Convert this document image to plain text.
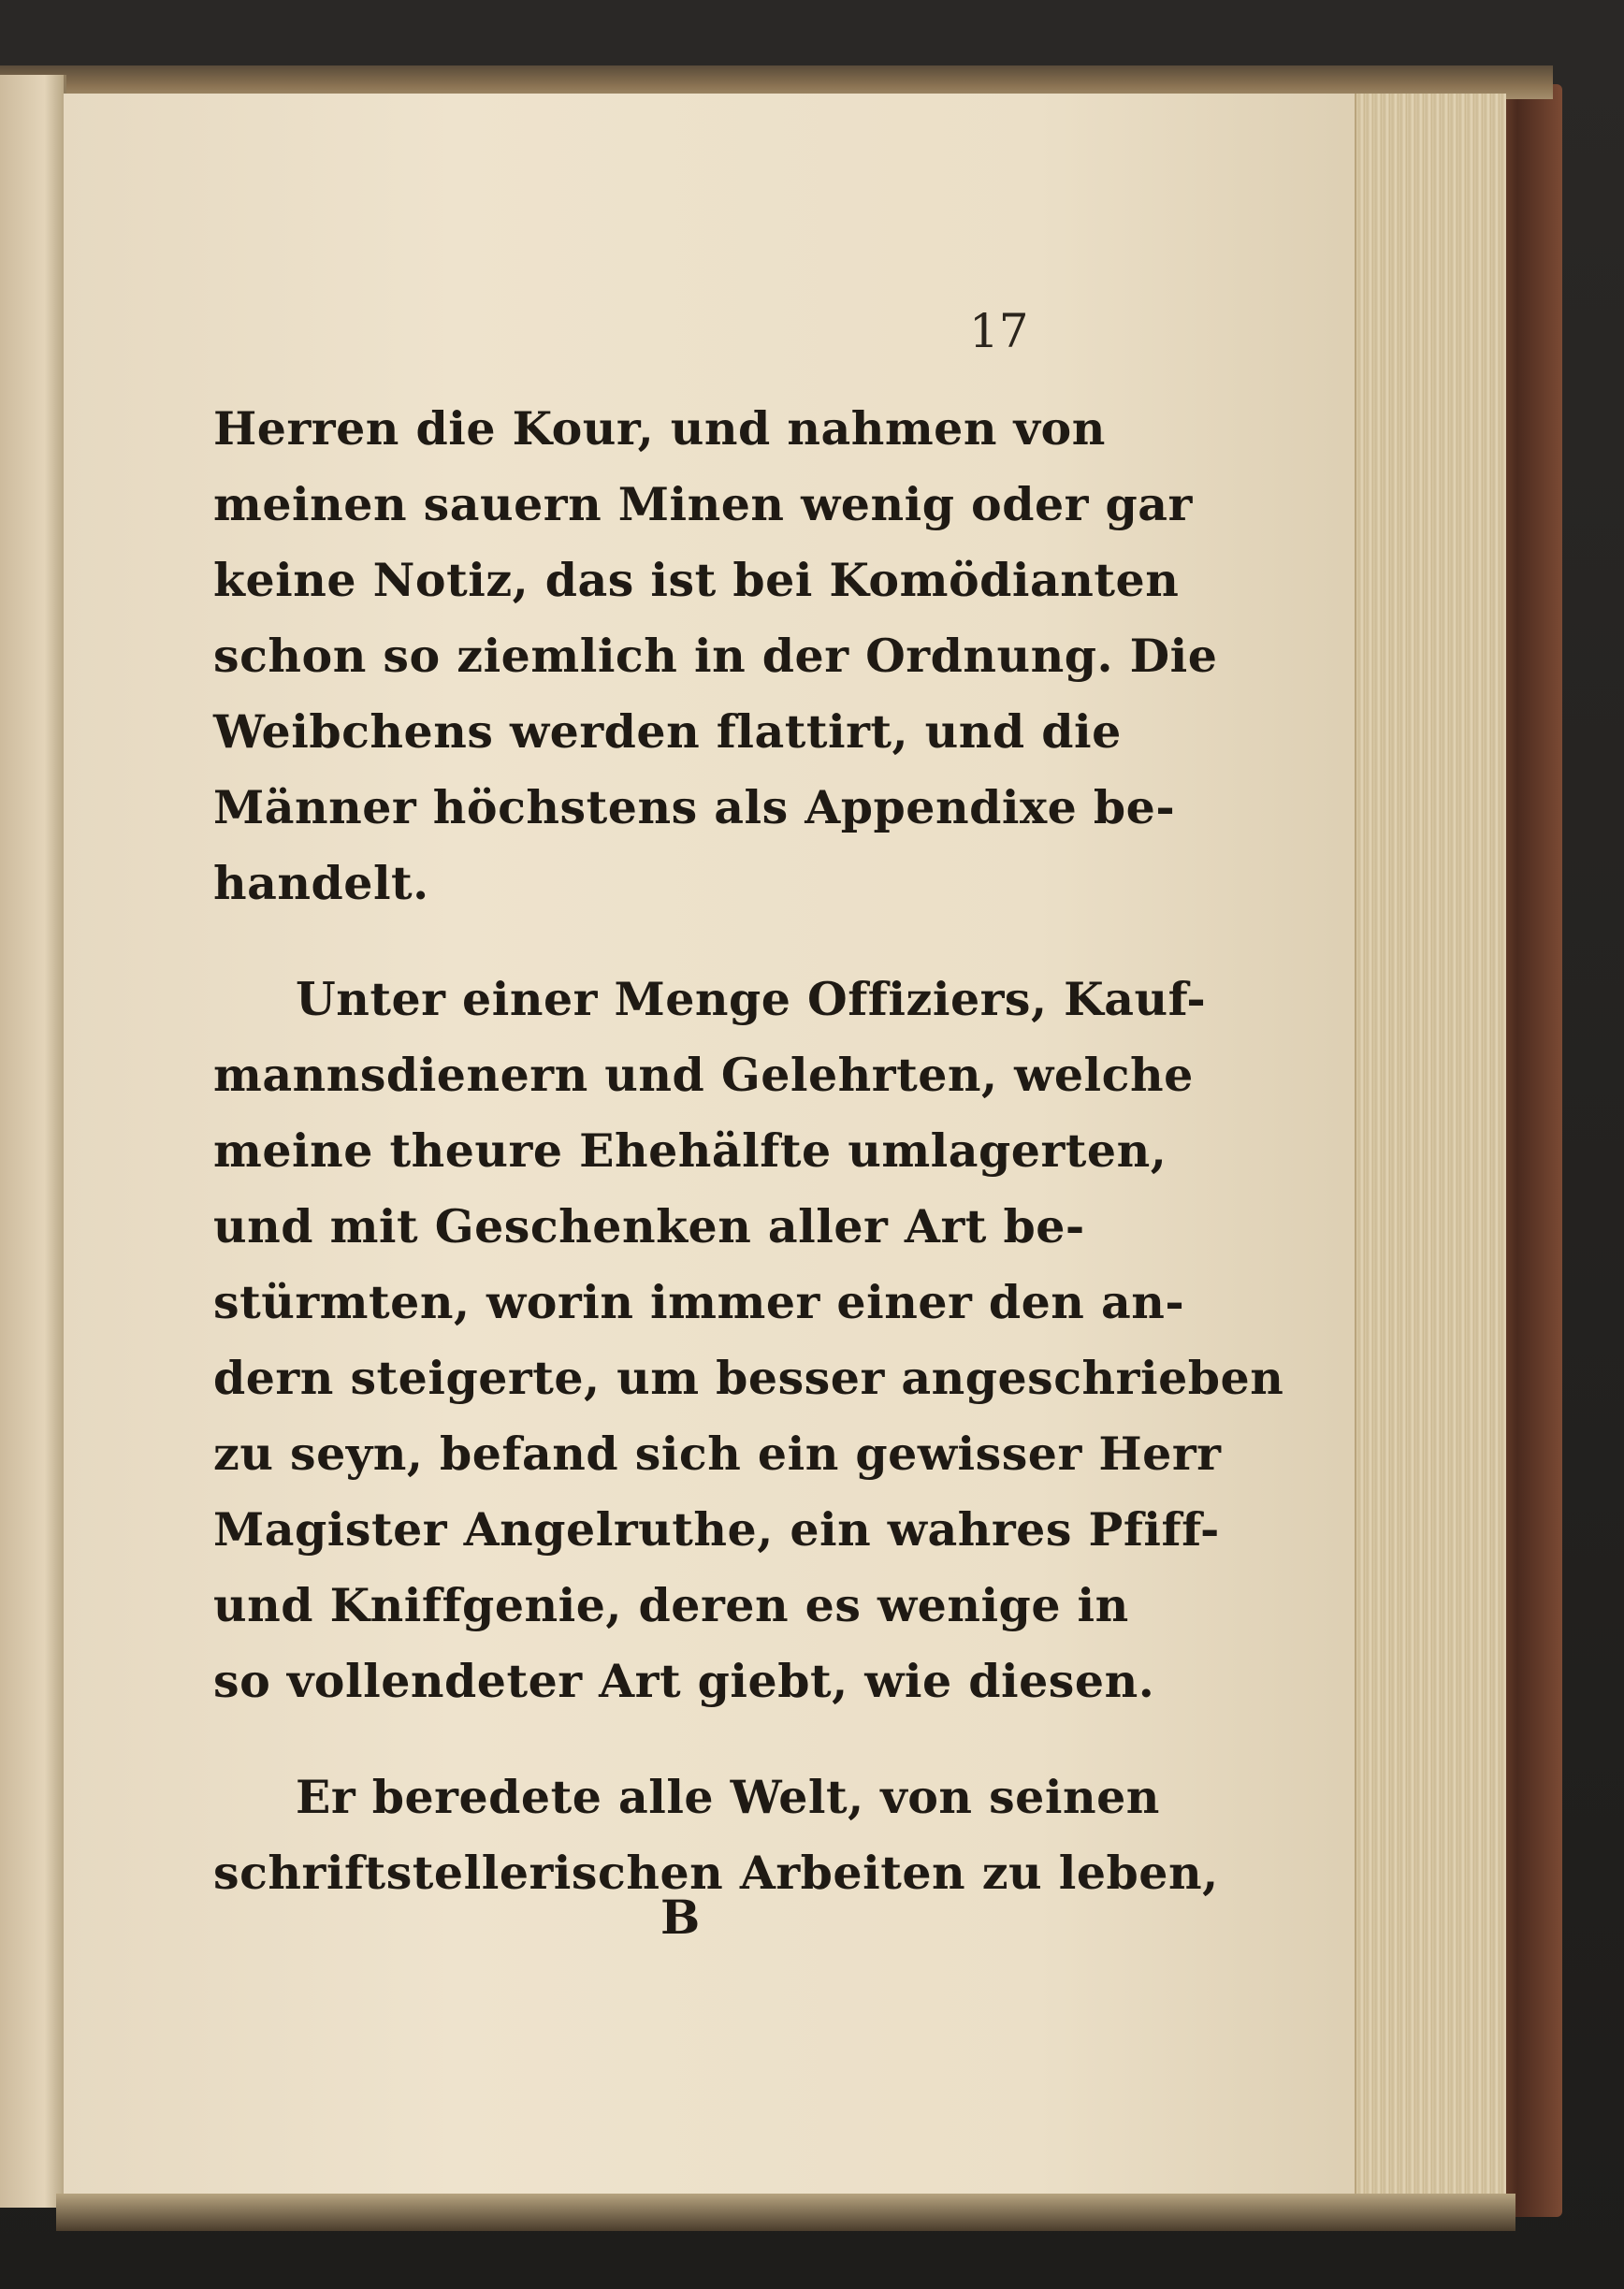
17
Herren die Kour, und nahmen von
meinen sauern Minen wenig oder gar
keine Notiz, das ist bei Komödianten
schon so ziemlich in der Ordnung. Die
Weibchens werden flattirt, und die
Männer höchstens als Appendixe be-
handelt.
Unter einer Menge Offiziers, Kauf-
mannsdienern und Gelehrten, welche
meine theure Ehehälfte umlagerten,
und mit Geschenken aller Art be-
stürmten, worin immer einer den an-
dern steigerte, um besser angeschrieben
zu seyn, befand sich ein gewisser Herr
Magister Angelruthe, ein wahres Pfiff-
und Kniffgenie, deren es wenige in
so vollendeter Art giebt, wie diesen.
Er beredete alle Welt, von seinen
schriftstellerischen Arbeiten zu leben,
B
